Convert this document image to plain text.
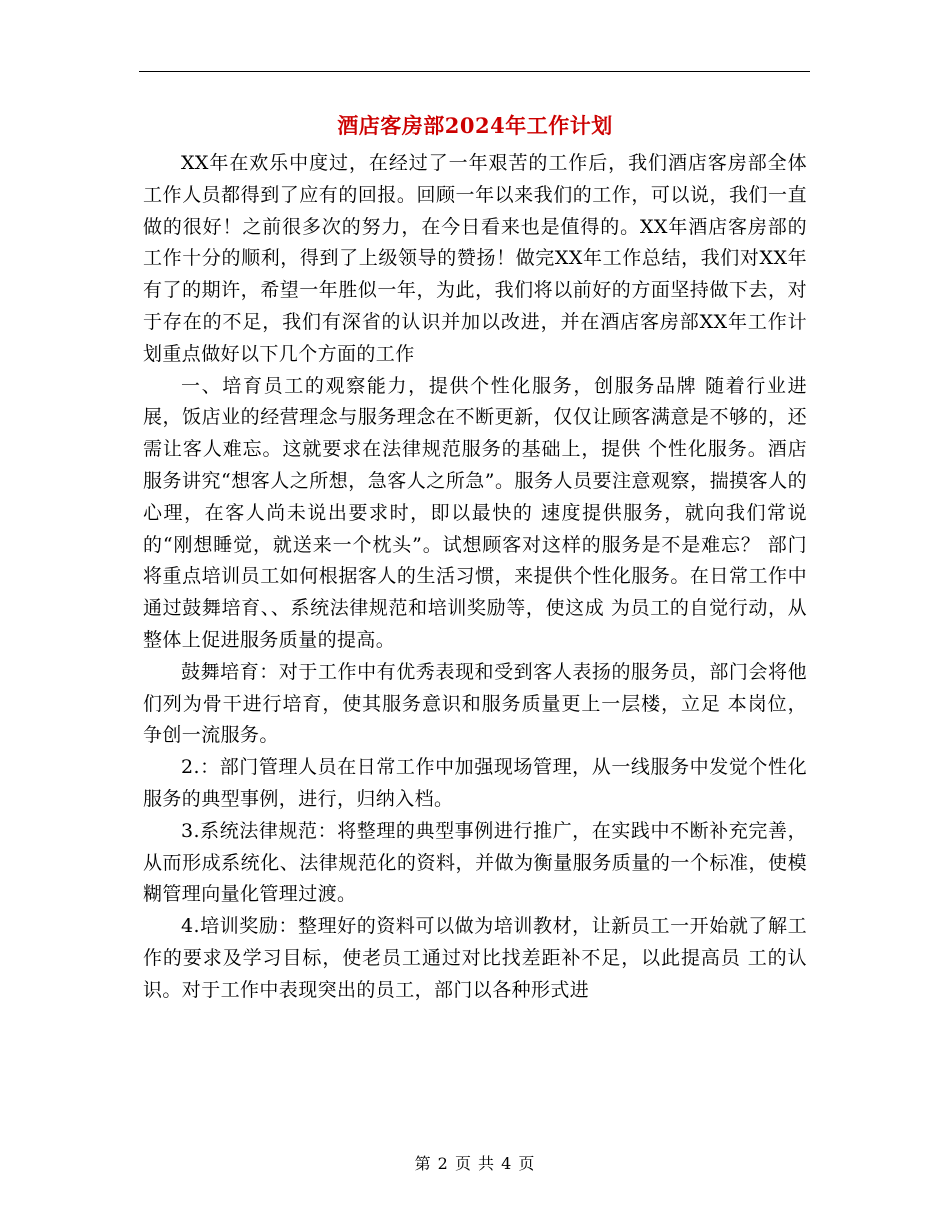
酒店客房部2024年工作计划

XX年在欢乐中度过，在经过了一年艰苦的工作后，我们酒店客房部全体工作人员都得到了应有的回报。回顾一年以来我们的工作，可以说，我们一直做的很好！之前很多次的努力，在今日看来也是值得的。XX年酒店客房部的工作十分的顺利，得到了上级领导的赞扬！做完XX年工作总结，我们对XX年有了的期许，希望一年胜似一年，为此，我们将以前好的方面坚持做下去，对于存在的不足，我们有深省的认识并加以改进，并在酒店客房部XX年工作计划重点做好以下几个方面的工作

一、培育员工的观察能力，提供个性化服务，创服务品牌 随着行业进展，饭店业的经营理念与服务理念在不断更新，仅仅让顾客满意是不够的，还需让客人难忘。这就要求在法律规范服务的基础上，提供 个性化服务。酒店服务讲究“想客人之所想，急客人之所急”。服务人员要注意观察，揣摸客人的心理，在客人尚未说出要求时，即以最快的 速度提供服务，就向我们常说的“刚想睡觉，就送来一个枕头”。试想顾客对这样的服务是不是难忘？ 部门将重点培训员工如何根据客人的生活习惯，来提供个性化服务。在日常工作中通过鼓舞培育、、系统法律规范和培训奖励等，使这成 为员工的自觉行动，从整体上促进服务质量的提高。

鼓舞培育：对于工作中有优秀表现和受到客人表扬的服务员，部门会将他们列为骨干进行培育，使其服务意识和服务质量更上一层楼，立足 本岗位，争创一流服务。

2.：部门管理人员在日常工作中加强现场管理，从一线服务中发觉个性化服务的典型事例，进行，归纳入档。

3.系统法律规范：将整理的典型事例进行推广，在实践中不断补充完善，从而形成系统化、法律规范化的资料，并做为衡量服务质量的一个标准，使模 糊管理向量化管理过渡。

4.培训奖励：整理好的资料可以做为培训教材，让新员工一开始就了解工作的要求及学习目标，使老员工通过对比找差距补不足，以此提高员 工的认识。对于工作中表现突出的员工，部门以各种形式进

第 2 页 共 4 页
